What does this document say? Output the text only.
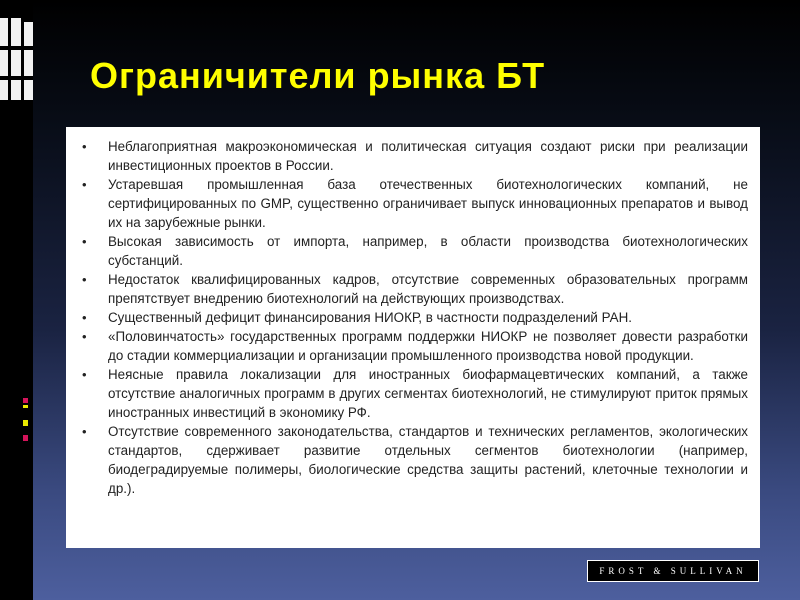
Ограничители рынка БТ
•	Неблагоприятная макроэкономическая и политическая ситуация создают риски при реализации инвестиционных проектов в России.
•	Устаревшая промышленная база отечественных биотехнологических компаний, не сертифицированных по GMP, существенно ограничивает выпуск инновационных препаратов и вывод их на зарубежные рынки.
•	Высокая зависимость от импорта, например, в области производства биотехнологических субстанций.
•	Недостаток квалифицированных кадров, отсутствие современных образовательных программ препятствует внедрению биотехнологий на действующих производствах.
•	Существенный дефицит финансирования НИОКР, в частности подразделений РАН.
•	«Половинчатость» государственных программ поддержки НИОКР не позволяет довести разработки до стадии коммерциализации и организации промышленного производства новой продукции.
•	Неясные правила локализации для иностранных биофармацевтических компаний, а также отсутствие аналогичных программ в других сегментах биотехнологий, не стимулируют приток прямых иностранных инвестиций в экономику РФ.
•	Отсутствие современного законодательства, стандартов и технических регламентов, экологических стандартов, сдерживает развитие отдельных сегментов биотехнологии (например, биодеградируемые полимеры, биологические средства защиты растений, клеточные технологии и др.).
FROST & SULLIVAN
